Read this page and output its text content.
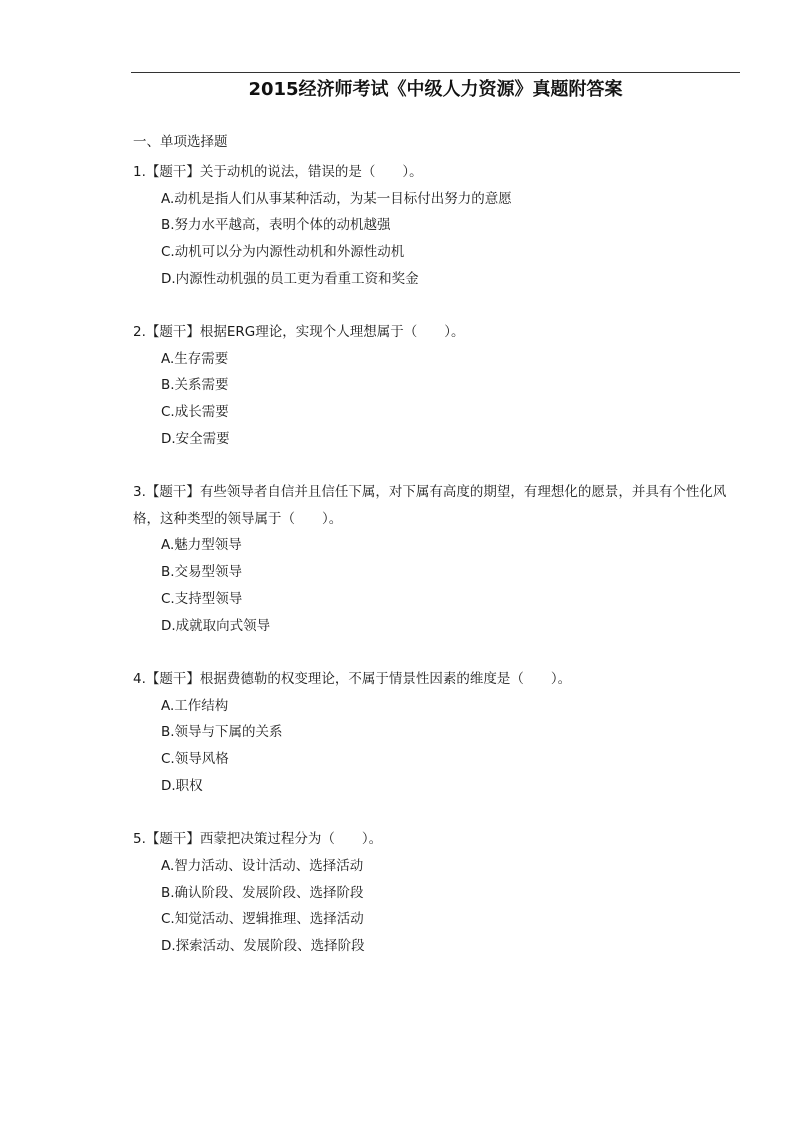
2015经济师考试《中级人力资源》真题附答案
一、单项选择题
1.【题干】关于动机的说法，错误的是（　　）。
A.动机是指人们从事某种活动，为某一目标付出努力的意愿
B.努力水平越高，表明个体的动机越强
C.动机可以分为内源性动机和外源性动机
D.内源性动机强的员工更为看重工资和奖金
2.【题干】根据ERG理论，实现个人理想属于（　　）。
A.生存需要
B.关系需要
C.成长需要
D.安全需要
3.【题干】有些领导者自信并且信任下属，对下属有高度的期望，有理想化的愿景，并具有个性化风格，这种类型的领导属于（　　）。
A.魅力型领导
B.交易型领导
C.支持型领导
D.成就取向式领导
4.【题干】根据费德勒的权变理论，不属于情景性因素的维度是（　　）。
A.工作结构
B.领导与下属的关系
C.领导风格
D.职权
5.【题干】西蒙把决策过程分为（　　）。
A.智力活动、设计活动、选择活动
B.确认阶段、发展阶段、选择阶段
C.知觉活动、逻辑推理、选择活动
D.探索活动、发展阶段、选择阶段
